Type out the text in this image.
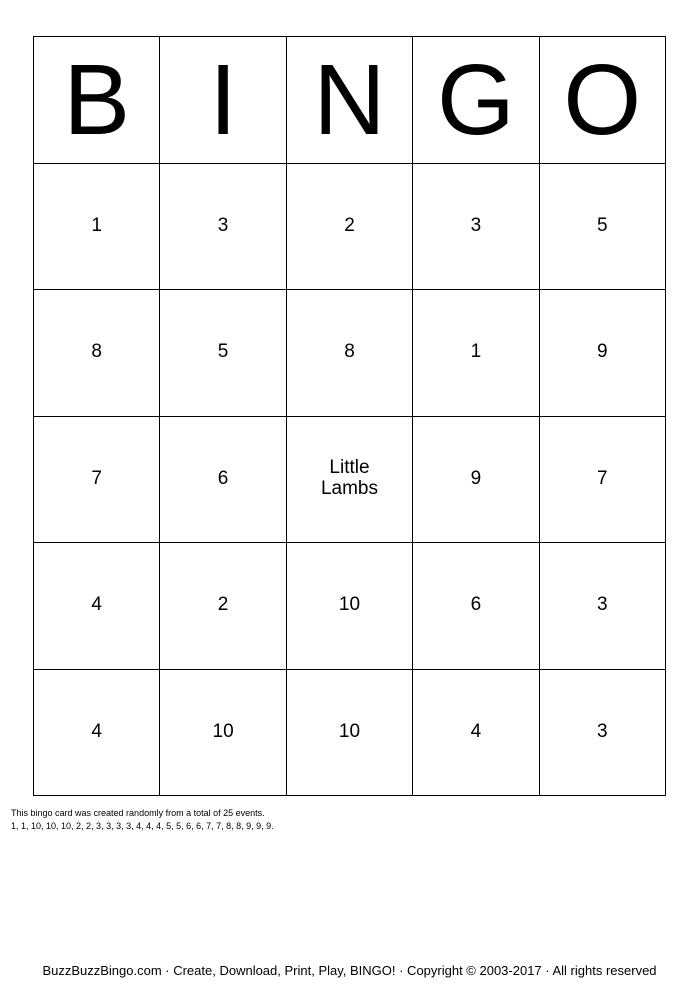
B I N G O
1	3	2	3	5
8	5	8	1	9
7	6	Little Lambs	9	7
4	2	10	6	3
4	10	10	4	3
This bingo card was created randomly from a total of 25 events.
1, 1, 10, 10, 10, 2, 2, 3, 3, 3, 3, 4, 4, 4, 5, 5, 6, 6, 7, 7, 8, 8, 9, 9, 9.
BuzzBuzzBingo.com · Create, Download, Print, Play, BINGO! · Copyright © 2003-2017 · All rights reserved
